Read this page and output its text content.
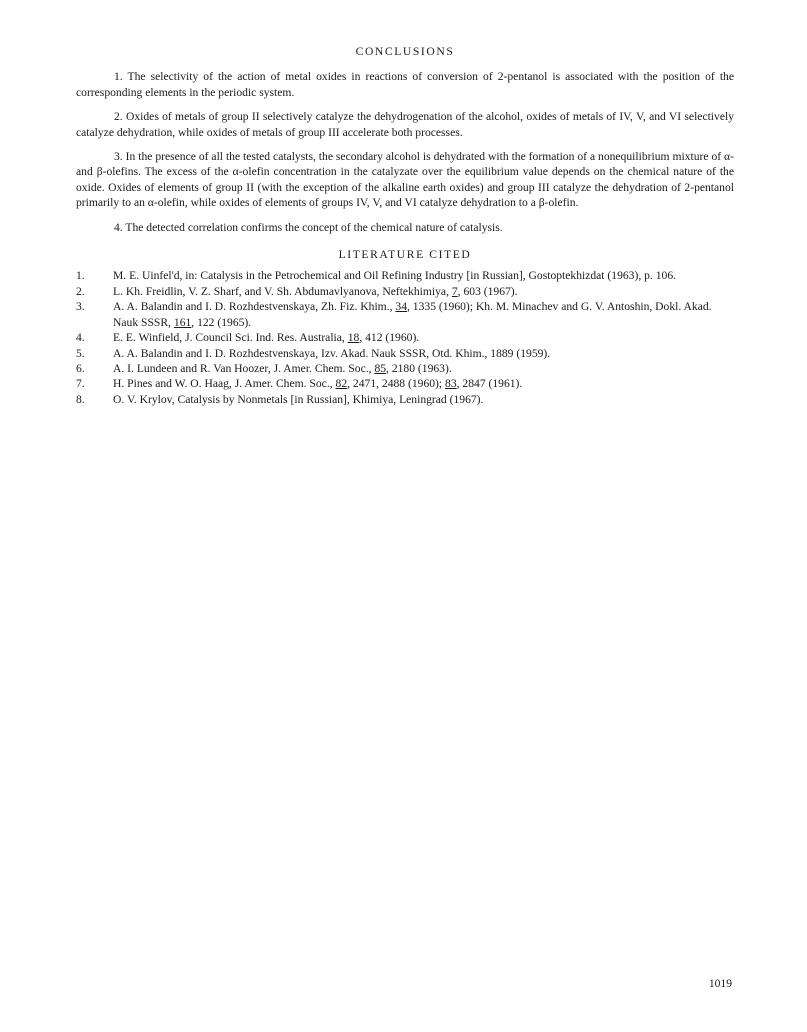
CONCLUSIONS

1. The selectivity of the action of metal oxides in reactions of conversion of 2-pentanol is associated with the position of the corresponding elements in the periodic system.

2. Oxides of metals of group II selectively catalyze the dehydrogenation of the alcohol, oxides of metals of IV, V, and VI selectively catalyze dehydration, while oxides of metals of group III accelerate both processes.

3. In the presence of all the tested catalysts, the secondary alcohol is dehydrated with the formation of a nonequilibrium mixture of α- and β-olefins. The excess of the α-olefin concentration in the catalyzate over the equilibrium value depends on the chemical nature of the oxide. Oxides of elements of group II (with the exception of the alkaline earth oxides) and group III catalyze the dehydration of 2-pentanol primarily to an α-olefin, while oxides of elements of groups IV, V, and VI catalyze dehydration to a β-olefin.

4. The detected correlation confirms the concept of the chemical nature of catalysis.

LITERATURE CITED

1. M. E. Uinfel'd, in: Catalysis in the Petrochemical and Oil Refining Industry [in Russian], Gostoptekhizdat (1963), p. 106.

2. L. Kh. Freidlin, V. Z. Sharf, and V. Sh. Abdumavlyanova, Neftekhimiya, 7, 603 (1967).

3. A. A. Balandin and I. D. Rozhdestvenskaya, Zh. Fiz. Khim., 34, 1335 (1960); Kh. M. Minachev and G. V. Antoshin, Dokl. Akad. Nauk SSSR, 161, 122 (1965).

4. E. E. Winfield, J. Council Sci. Ind. Res. Australia, 18, 412 (1960).

5. A. A. Balandin and I. D. Rozhdestvenskaya, Izv. Akad. Nauk SSSR, Otd. Khim., 1889 (1959).

6. A. I. Lundeen and R. Van Hoozer, J. Amer. Chem. Soc., 85, 2180 (1963).

7. H. Pines and W. O. Haag, J. Amer. Chem. Soc., 82, 2471, 2488 (1960); 83, 2847 (1961).

8. O. V. Krylov, Catalysis by Nonmetals [in Russian], Khimiya, Leningrad (1967).

1019
